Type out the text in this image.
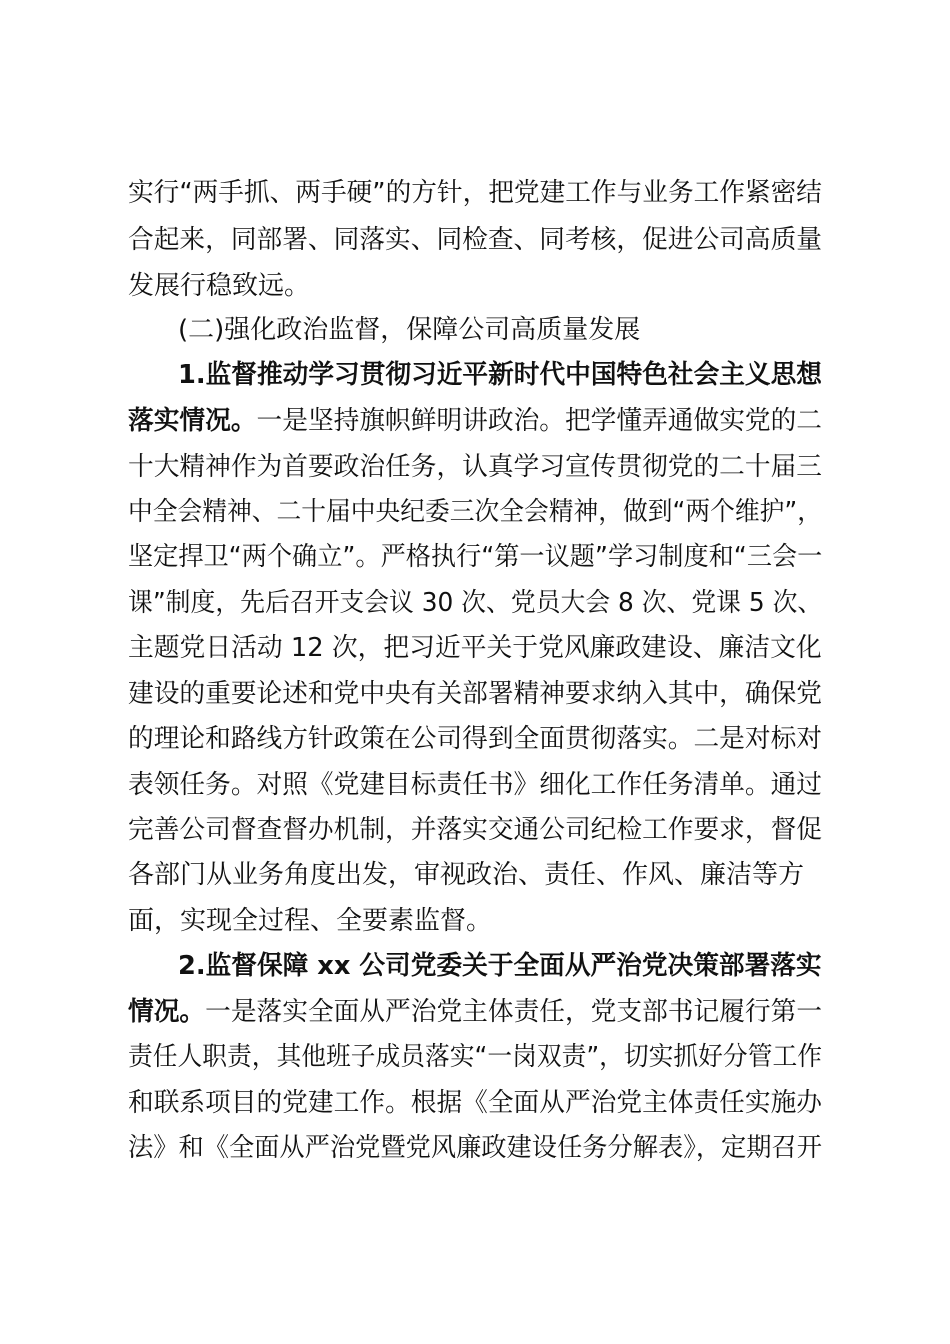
实行“两手抓、两手硬”的方针，把党建工作与业务工作紧密结
合起来，同部署、同落实、同检查、同考核，促进公司高质量
发展行稳致远。
(二)强化政治监督，保障公司高质量发展
1.监督推动学习贯彻习近平新时代中国特色社会主义思想
落实情况。一是坚持旗帜鲜明讲政治。把学懂弄通做实党的二
十大精神作为首要政治任务，认真学习宣传贯彻党的二十届三
中全会精神、二十届中央纪委三次全会精神，做到“两个维护”，
坚定捍卫“两个确立”。严格执行“第一议题”学习制度和“三会一
课”制度，先后召开支会议 30 次、党员大会 8 次、党课 5 次、
主题党日活动 12 次，把习近平关于党风廉政建设、廉洁文化
建设的重要论述和党中央有关部署精神要求纳入其中，确保党
的理论和路线方针政策在公司得到全面贯彻落实。二是对标对
表领任务。对照《党建目标责任书》细化工作任务清单。通过
完善公司督查督办机制，并落实交通公司纪检工作要求，督促
各部门从业务角度出发，审视政治、责任、作风、廉洁等方
面，实现全过程、全要素监督。
2.监督保障 xx 公司党委关于全面从严治党决策部署落实
情况。一是落实全面从严治党主体责任，党支部书记履行第一
责任人职责，其他班子成员落实“一岗双责”，切实抓好分管工作
和联系项目的党建工作。根据《全面从严治党主体责任实施办
法》和《全面从严治党暨党风廉政建设任务分解表》，定期召开
